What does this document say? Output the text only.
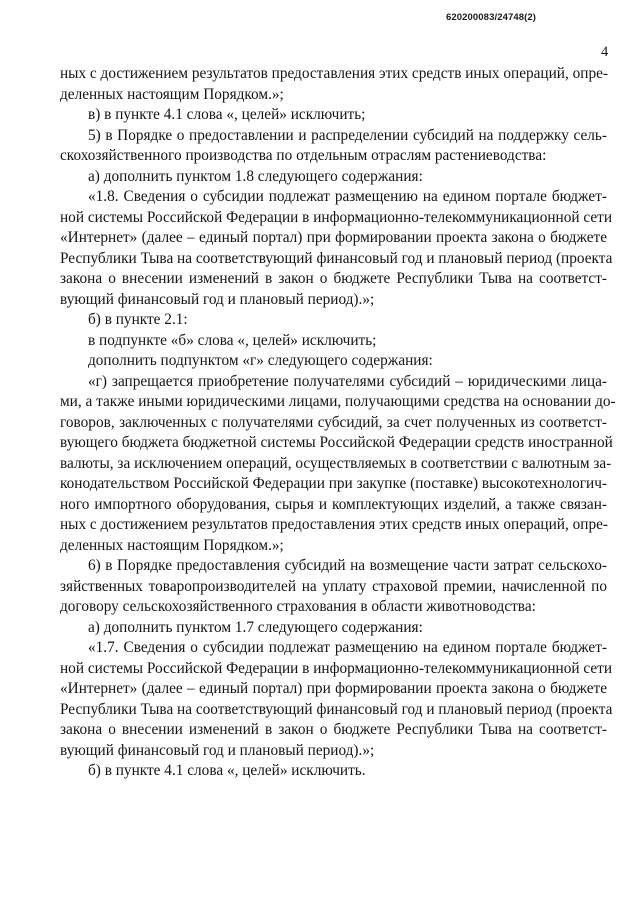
620200083/24748(2)
4
ных с достижением результатов предоставления этих средств иных операций, опре-
деленных настоящим Порядком.»;
в) в пункте 4.1 слова «, целей» исключить;
5) в Порядке о предоставлении и распределении субсидий на поддержку сель-
скохозяйственного производства по отдельным отраслям растениеводства:
а) дополнить пунктом 1.8 следующего содержания:
«1.8. Сведения о субсидии подлежат размещению на едином портале бюджет-
ной системы Российской Федерации в информационно-телекоммуникационной сети
«Интернет» (далее – единый портал) при формировании проекта закона о бюджете
Республики Тыва на соответствующий финансовый год и плановый период (проекта
закона о внесении изменений в закон о бюджете Республики Тыва на соответст-
вующий финансовый год и плановый период).»;
б) в пункте 2.1:
в подпункте «б» слова «, целей» исключить;
дополнить подпунктом «г» следующего содержания:
«г) запрещается приобретение получателями субсидий – юридическими лица-
ми, а также иными юридическими лицами, получающими средства на основании до-
говоров, заключенных с получателями субсидий, за счет полученных из соответст-
вующего бюджета бюджетной системы Российской Федерации средств иностранной
валюты, за исключением операций, осуществляемых в соответствии с валютным за-
конодательством Российской Федерации при закупке (поставке) высокотехнологич-
ного импортного оборудования, сырья и комплектующих изделий, а также связан-
ных с достижением результатов предоставления этих средств иных операций, опре-
деленных настоящим Порядком.»;
6) в Порядке предоставления субсидий на возмещение части затрат сельскохо-
зяйственных товаропроизводителей на уплату страховой премии, начисленной по
договору сельскохозяйственного страхования в области животноводства:
а) дополнить пунктом 1.7 следующего содержания:
«1.7. Сведения о субсидии подлежат размещению на едином портале бюджет-
ной системы Российской Федерации в информационно-телекоммуникационной сети
«Интернет» (далее – единый портал) при формировании проекта закона о бюджете
Республики Тыва на соответствующий финансовый год и плановый период (проекта
закона о внесении изменений в закон о бюджете Республики Тыва на соответст-
вующий финансовый год и плановый период).»;
б) в пункте 4.1 слова «, целей» исключить.
